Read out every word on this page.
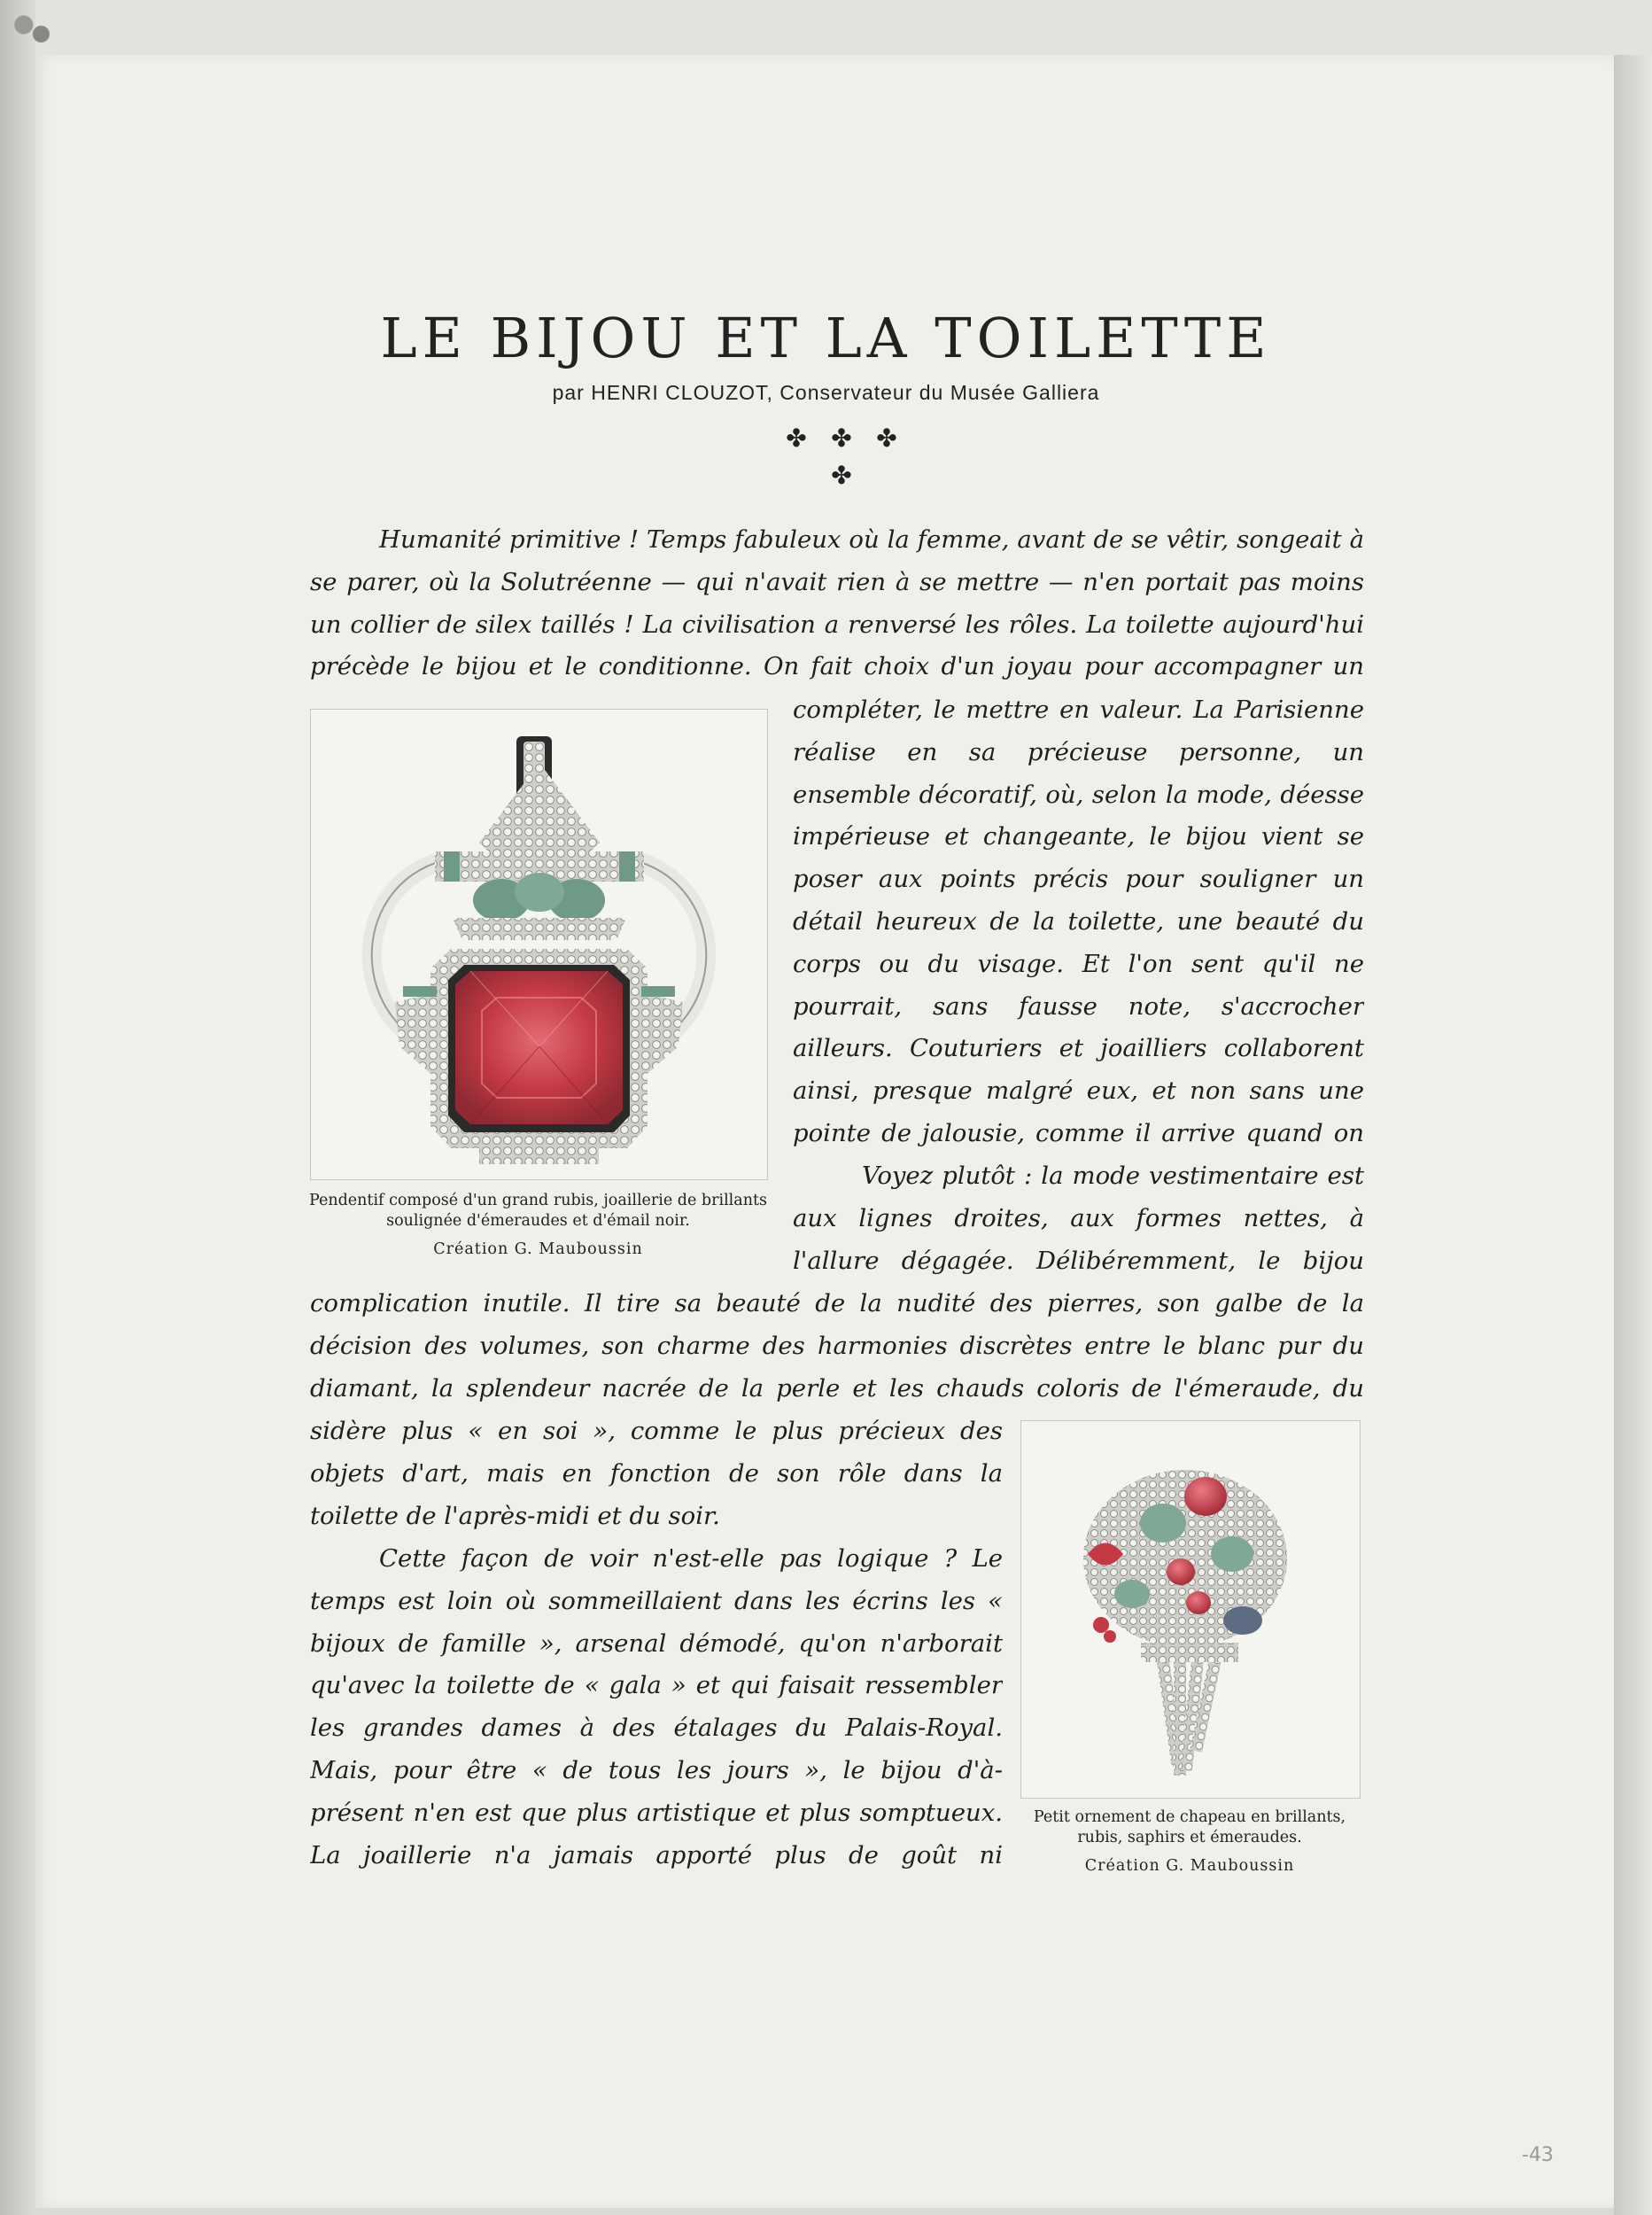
LE BIJOU ET LA TOILETTE
par HENRI CLOUZOT, Conservateur du Musée Galliera
✤ ✤ ✤
✤

Humanité primitive ! Temps fabuleux où la femme, avant de se vêtir, songeait à se parer, où la Solutréenne — qui n'avait rien à se mettre — n'en portait pas moins un collier de silex taillés ! La civilisation a renversé les rôles. La toilette aujourd'hui précède le bijou et le conditionne. On fait choix d'un joyau pour accompagner un

compléter, le mettre en valeur. La Parisienne réalise en sa précieuse personne, un ensemble décoratif, où, selon la mode, déesse impérieuse et changeante, le bijou vient se poser aux points précis pour souligner un détail heureux de la toilette, une beauté du corps ou du visage. Et l'on sent qu'il ne pourrait, sans fausse note, s'accrocher ailleurs. Couturiers et joailliers collaborent ainsi, presque malgré eux, et non sans une pointe de jalousie, comme il arrive quand on

Voyez plutôt : la mode vestimentaire est aux lignes droites, aux formes nettes, à l'allure dégagée. Délibéremment, le bijou

complication inutile. Il tire sa beauté de la nudité des pierres, son galbe de la décision des volumes, son charme des harmonies discrètes entre le blanc pur du diamant, la splendeur nacrée de la perle et les chauds coloris de l'émeraude, du

sidère plus « en soi », comme le plus précieux des objets d'art, mais en fonction de son rôle dans la toilette de l'après-midi et du soir.

Cette façon de voir n'est-elle pas logique ? Le temps est loin où sommeillaient dans les écrins les « bijoux de famille », arsenal démodé, qu'on n'arborait qu'avec la toilette de « gala » et qui faisait ressembler les grandes dames à des étalages du Palais-Royal. Mais, pour être « de tous les jours », le bijou d'à-présent n'en est que plus artistique et plus somptueux. La joaillerie n'a jamais apporté plus de goût ni

Pendentif composé d'un grand rubis, joaillerie de brillants soulignée d'émeraudes et d'émail noir.
Création G. Mauboussin
Petit ornement de chapeau en brillants, rubis, saphirs et émeraudes.
Création G. Mauboussin
-43
